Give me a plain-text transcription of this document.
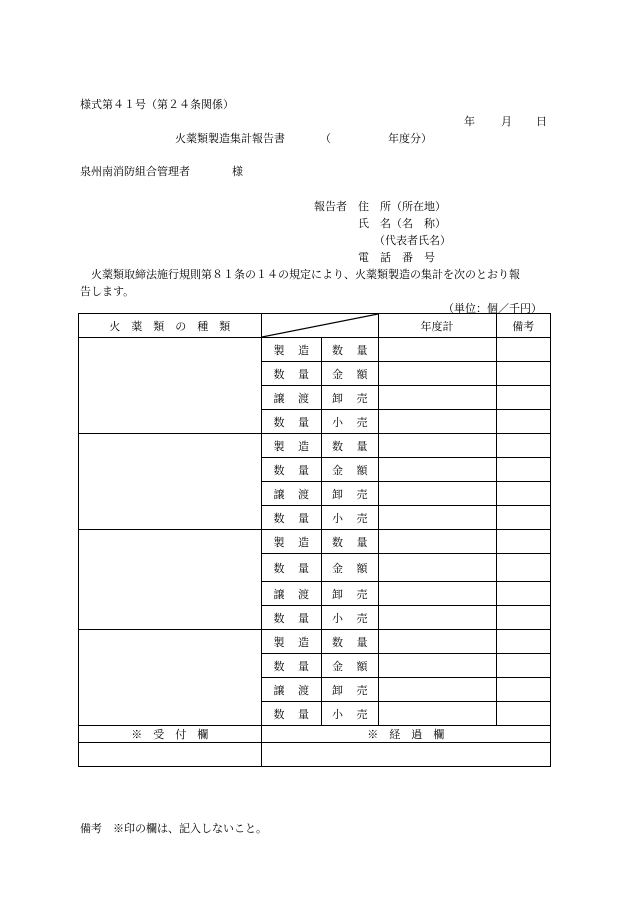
様式第４１号（第２４条関係）
年 月 日
火薬類製造集計報告書	（	年度分）
泉州南消防組合管理者	様
報告者 住　所（所在地）
氏　名（名　称）
（代表者氏名）
電　話　番　号
　火薬類取締法施行規則第８１条の１４の規定により、火薬類製造の集計を次のとおり報
告します。
（単位：個／千円）
火　薬　類　の　種　類			年度計	備考

	製 造	数 量		

	数 量	金 額		

	譲 渡	卸 売		

	数 量	小 売		

	製 造	数 量		

	数 量	金 額		

	譲 渡	卸 売		

	数 量	小 売		

	製 造	数 量		

	数 量	金 額		

	譲 渡	卸 売		

	数 量	小 売		

	製 造	数 量		

	数 量	金 額		

	譲 渡	卸 売		

	数 量	小 売		

※　受　付　欄	※　経　過　欄			

備考　※印の欄は、記入しないこと。
